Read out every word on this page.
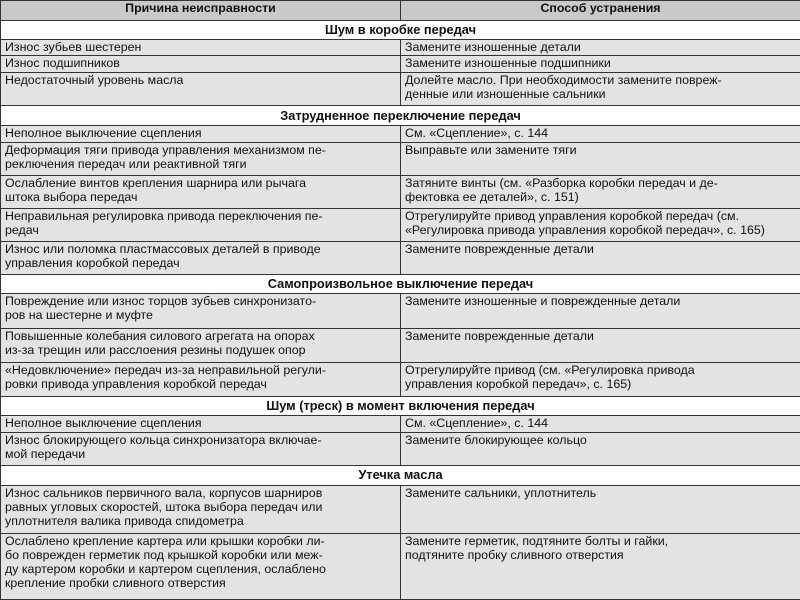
Причина неисправности	Способ устранения
Шум в коробке передач	
Износ зубьев шестерен	Замените изношенные детали
Износ подшипников	Замените изношенные подшипники
Недостаточный уровень масла	Долейте масло. При необходимости замените повреж-
денные или изношенные сальники
Затрудненное переключение передач	
Неполное выключение сцепления	См. «Сцепление», с. 144
Деформация тяги привода управления механизмом пе-
реключения передач или реактивной тяги	Выправьте или замените тяги
Ослабление винтов крепления шарнира или рычага
штока выбора передач	Затяните винты (см. «Разборка коробки передач и де-
фектовка ее деталей», с. 151)
Неправильная регулировка привода переключения пе-
редач	Отрегулируйте привод управления коробкой передач (см.
«Регулировка привода управления коробкой передач», с. 165)
Износ или поломка пластмассовых деталей в приводе
управления коробкой передач	Замените поврежденные детали
Самопроизвольное выключение передач	
Повреждение или износ торцов зубьев синхронизато-
ров на шестерне и муфте	Замените изношенные и поврежденные детали
Повышенные колебания силового агрегата на опорах
из-за трещин или расслоения резины подушек опор	Замените поврежденные детали
«Недовключение» передач из-за неправильной регули-
ровки привода управления коробкой передач	Отрегулируйте привод (см. «Регулировка привода
управления коробкой передач», с. 165)
Шум (треск) в момент включения передач	
Неполное выключение сцепления	См. «Сцепление», с. 144
Износ блокирующего кольца синхронизатора включае-
мой передачи	Замените блокирующее кольцо
Утечка масла	
Износ сальников первичного вала, корпусов шарниров
равных угловых скоростей, штока выбора передач или
уплотнителя валика привода спидометра	Замените сальники, уплотнитель
Ослаблено крепление картера или крышки коробки ли-
бо поврежден герметик под крышкой коробки или меж-
ду картером коробки и картером сцепления, ослаблено
крепление пробки сливного отверстия	Замените герметик, подтяните болты и гайки,
подтяните пробку сливного отверстия
